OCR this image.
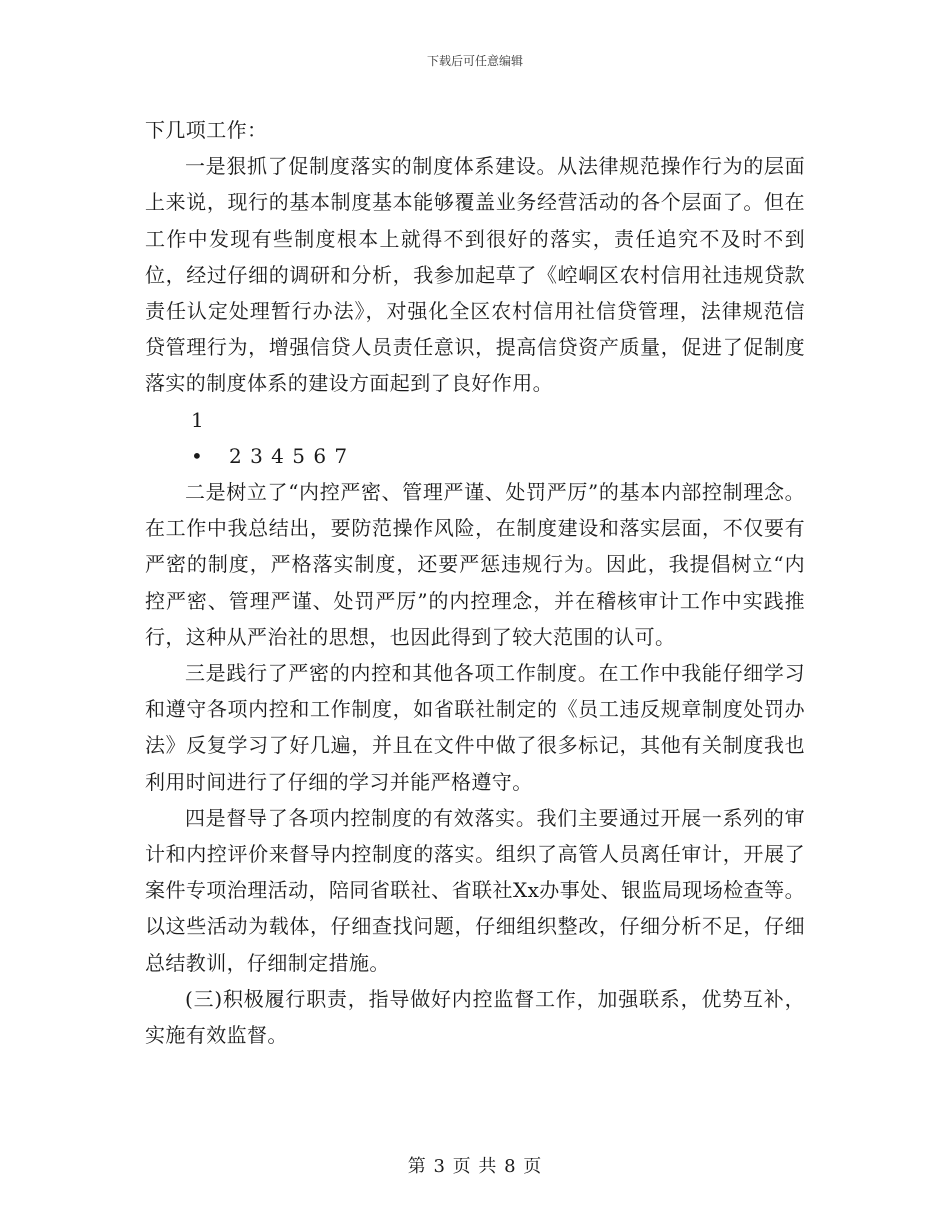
下载后可任意编辑

下几项工作：

一是狠抓了促制度落实的制度体系建设。从法律规范操作行为的层面上来说，现行的基本制度基本能够覆盖业务经营活动的各个层面了。但在工作中发现有些制度根本上就得不到很好的落实，责任追究不及时不到位，经过仔细的调研和分析，我参加起草了《崆峒区农村信用社违规贷款责任认定处理暂行办法》，对强化全区农村信用社信贷管理，法律规范信贷管理行为，增强信贷人员责任意识，提高信贷资产质量，促进了促制度落实的制度体系的建设方面起到了良好作用。

1

• 2 3 4 5 6 7

二是树立了“内控严密、管理严谨、处罚严厉”的基本内部控制理念。在工作中我总结出，要防范操作风险，在制度建设和落实层面，不仅要有严密的制度，严格落实制度，还要严惩违规行为。因此，我提倡树立“内控严密、管理严谨、处罚严厉”的内控理念，并在稽核审计工作中实践推行，这种从严治社的思想，也因此得到了较大范围的认可。

三是践行了严密的内控和其他各项工作制度。在工作中我能仔细学习和遵守各项内控和工作制度，如省联社制定的《员工违反规章制度处罚办法》反复学习了好几遍，并且在文件中做了很多标记，其他有关制度我也利用时间进行了仔细的学习并能严格遵守。

四是督导了各项内控制度的有效落实。我们主要通过开展一系列的审计和内控评价来督导内控制度的落实。组织了高管人员离任审计，开展了案件专项治理活动，陪同省联社、省联社Xx办事处、银监局现场检查等。以这些活动为载体，仔细查找问题，仔细组织整改，仔细分析不足，仔细总结教训，仔细制定措施。

(三)积极履行职责，指导做好内控监督工作，加强联系，优势互补，实施有效监督。

第 3 页 共 8 页
